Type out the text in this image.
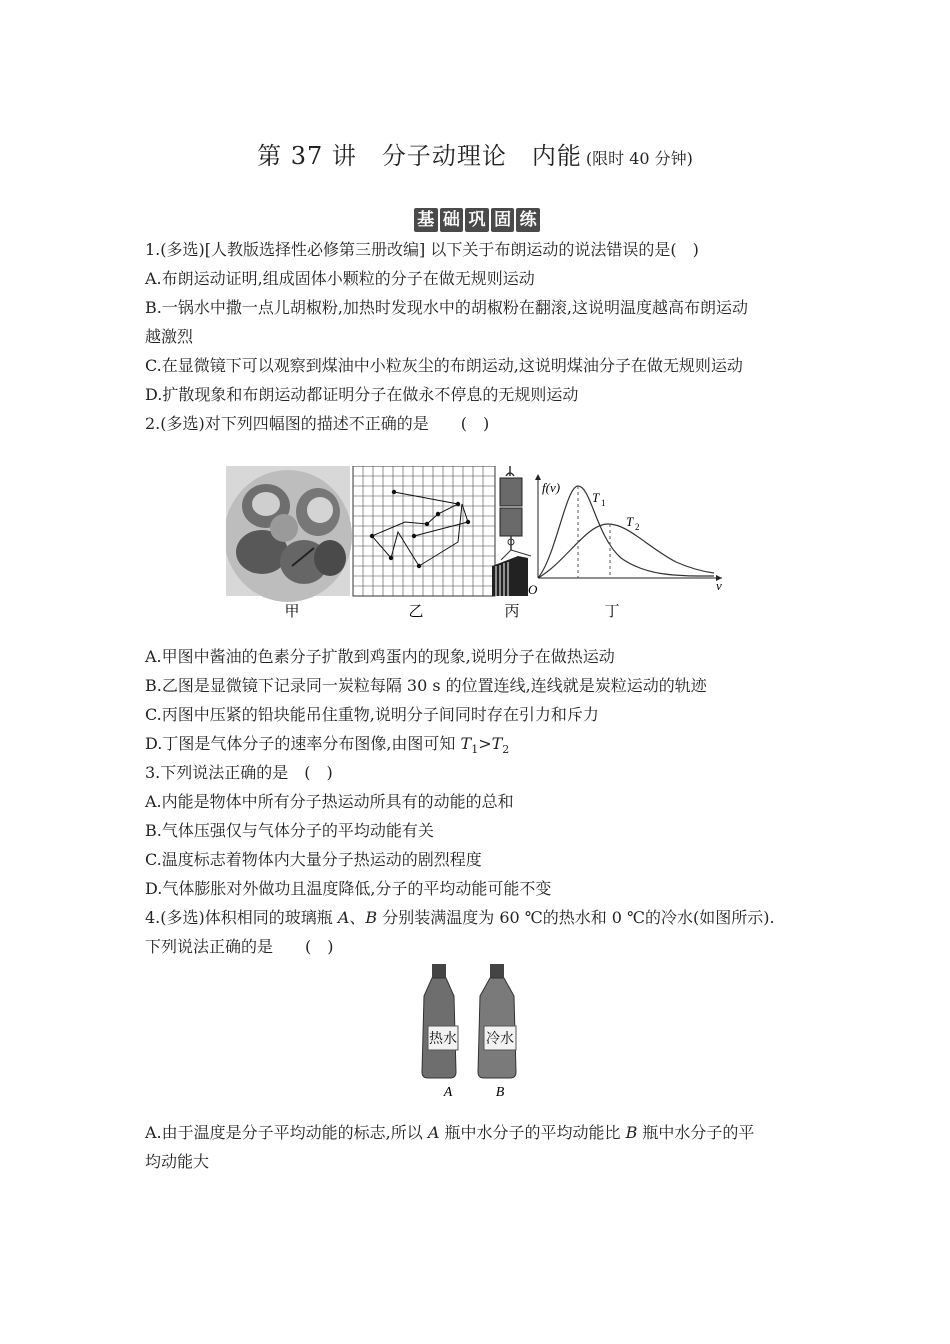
第 37 讲　分子动理论　内能 (限时 40 分钟)
基 础 巩 固 练
1.(多选)[人教版选择性必修第三册改编] 以下关于布朗运动的说法错误的是(　)
A.布朗运动证明,组成固体小颗粒的分子在做无规则运动
B.一锅水中撒一点儿胡椒粉,加热时发现水中的胡椒粉在翻滚,这说明温度越高布朗运动
越激烈
C.在显微镜下可以观察到煤油中小粒灰尘的布朗运动,这说明煤油分子在做无规则运动
D.扩散现象和布朗运动都证明分子在做永不停息的无规则运动
2.(多选)对下列四幅图的描述不正确的是　　(　)
f(v)
v
O
T 1
T 2
甲	乙	丙	丁
A.甲图中酱油的色素分子扩散到鸡蛋内的现象,说明分子在做热运动
B.乙图是显微镜下记录同一炭粒每隔 30 s 的位置连线,连线就是炭粒运动的轨迹
C.丙图中压紧的铅块能吊住重物,说明分子间同时存在引力和斥力
D.丁图是气体分子的速率分布图像,由图可知 $T_1>T_2$
3.下列说法正确的是　(　)
A.内能是物体中所有分子热运动所具有的动能的总和
B.气体压强仅与气体分子的平均动能有关
C.温度标志着物体内大量分子热运动的剧烈程度
D.气体膨胀对外做功且温度降低,分子的平均动能可能不变
4.(多选)体积相同的玻璃瓶 A、B 分别装满温度为 60 ℃的热水和 0 ℃的冷水(如图所示).
下列说法正确的是　　(　)
热水 冷水
A	B
A.由于温度是分子平均动能的标志,所以 A 瓶中水分子的平均动能比 B 瓶中水分子的平
均动能大
